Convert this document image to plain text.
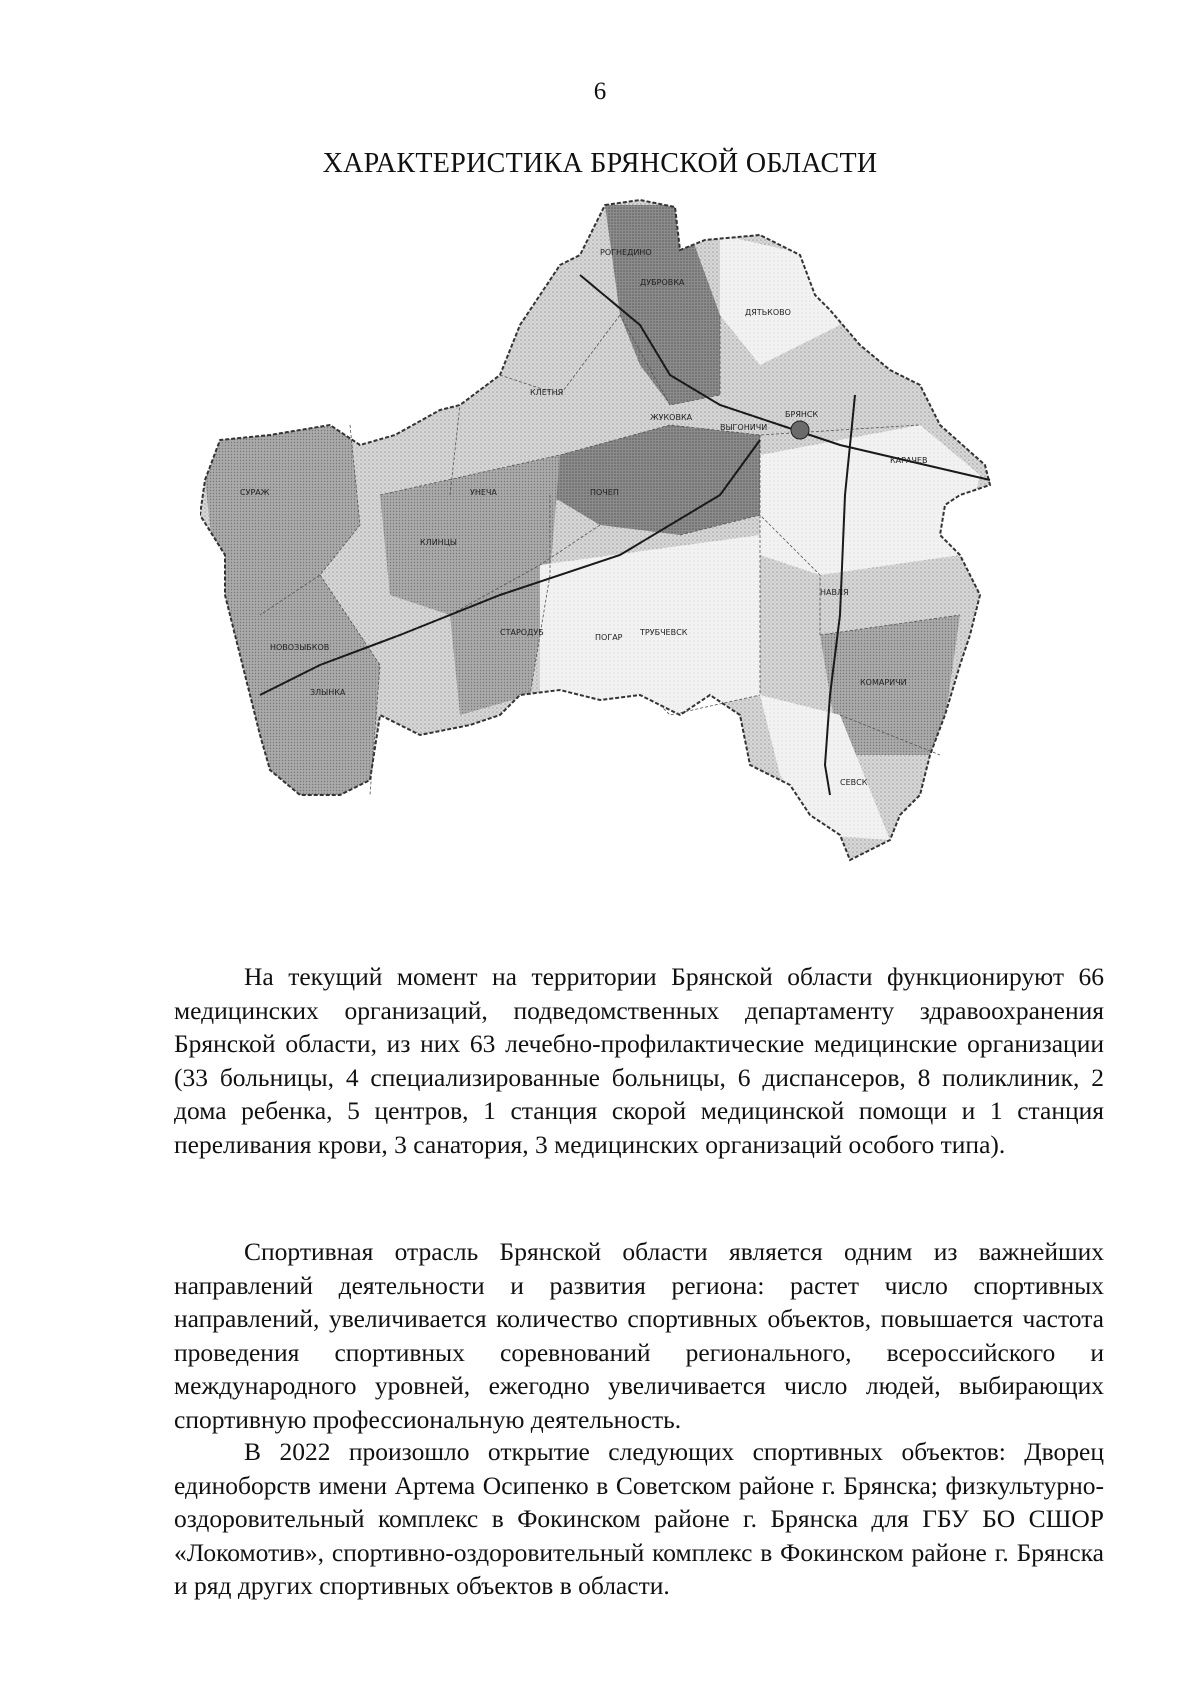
6
ХАРАКТЕРИСТИКА БРЯНСКОЙ ОБЛАСТИ
БРЯНСК
КАРАЧЕВ
НОВОЗЫБКОВ
СТАРОДУБ	ТРУБЧЕВСК
СЕВСК
ПОЧЕП
ДЯТЬКОВО
ЖУКОВКА
КЛИНЦЫ
СУРАЖ
ПОГАР
КОМАРИЧИ
ВЫГОНИЧИ
ЗЛЫНКА
КЛЕТНЯ
УНЕЧА
НАВЛЯ
ДУБРОВКА
РОГНЕДИНО

На текущий момент на территории Брянской области функционируют 66 медицинских организаций, подведомственных департаменту здравоохранения Брянской области, из них 63 лечебно-профилактические медицинские организации (33 больницы, 4 специализированные больницы, 6 диспансеров, 8 поликлиник, 2 дома ребенка, 5 центров, 1 станция скорой медицинской помощи и 1 станция переливания крови, 3 санатория, 3 медицинских организаций особого типа).

Спортивная отрасль Брянской области является одним из важнейших направлений деятельности и развития региона: растет число спортивных направлений, увеличивается количество спортивных объектов, повышается частота проведения спортивных соревнований регионального, всероссийского и международного уровней, ежегодно увеличивается число людей, выбирающих спортивную профессиональную деятельность.

В 2022 произошло открытие следующих спортивных объектов: Дворец единоборств имени Артема Осипенко в Советском районе г. Брянска; физкультурно-оздоровительный комплекс в Фокинском районе г. Брянска для ГБУ БО СШОР «Локомотив», спортивно-оздоровительный комплекс в Фокинском районе г. Брянска и ряд других спортивных объектов в области.
